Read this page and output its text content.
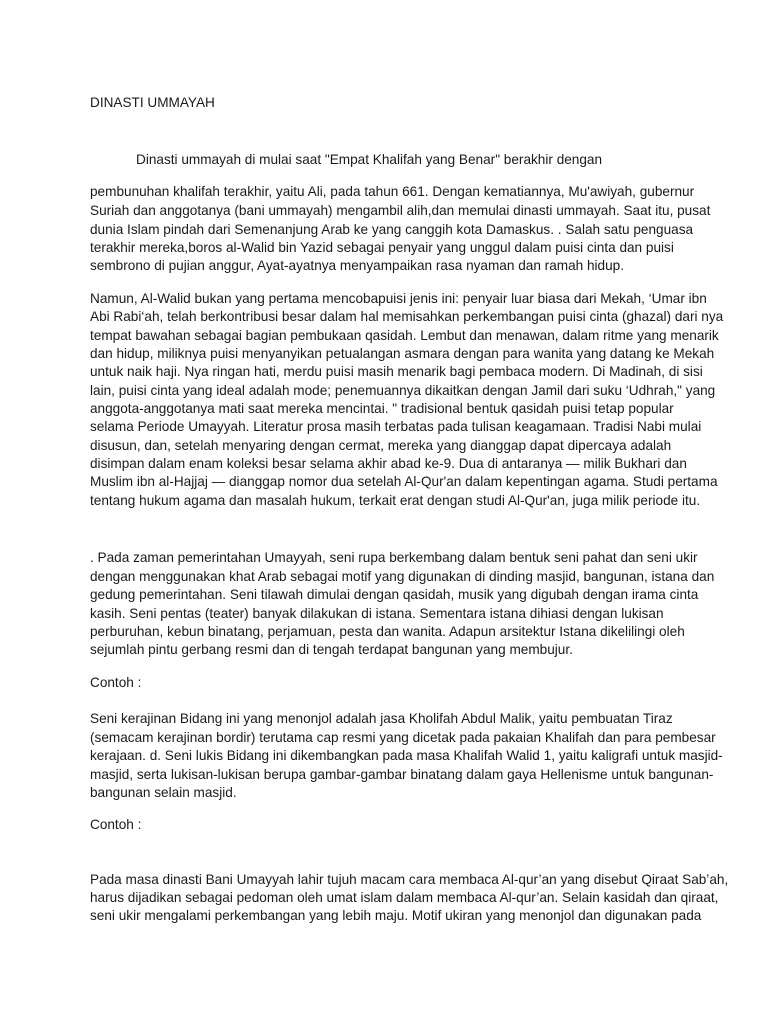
DINASTI UMMAYAH
Dinasti ummayah di mulai saat "Empat Khalifah yang Benar" berakhir dengan
pembunuhan khalifah terakhir, yaitu Ali, pada tahun 661. Dengan kematiannya, Mu'awiyah, gubernur
Suriah dan anggotanya (bani ummayah) mengambil alih,dan memulai dinasti ummayah. Saat itu, pusat
dunia Islam pindah dari Semenanjung Arab ke yang canggih kota Damaskus. . Salah satu penguasa
terakhir mereka,boros al-Walid bin Yazid sebagai penyair yang unggul dalam puisi cinta dan puisi
sembrono di pujian anggur, Ayat-ayatnya menyampaikan rasa nyaman dan ramah hidup.
Namun, Al-Walid bukan yang pertama mencobapuisi jenis ini: penyair luar biasa dari Mekah, ‘Umar ibn
Abi Rabi‘ah, telah berkontribusi besar dalam hal memisahkan perkembangan puisi cinta (ghazal) dari nya
tempat bawahan sebagai bagian pembukaan qasidah. Lembut dan menawan, dalam ritme yang menarik
dan hidup, miliknya puisi menyanyikan petualangan asmara dengan para wanita yang datang ke Mekah
untuk naik haji. Nya ringan hati, merdu puisi masih menarik bagi pembaca modern. Di Madinah, di sisi
lain, puisi cinta yang ideal adalah mode; penemuannya dikaitkan dengan Jamil dari suku ‘Udhrah," yang
anggota-anggotanya mati saat mereka mencintai. " tradisional bentuk qasidah puisi tetap popular
selama Periode Umayyah. Literatur prosa masih terbatas pada tulisan keagamaan. Tradisi Nabi mulai
disusun, dan, setelah menyaring dengan cermat, mereka yang dianggap dapat dipercaya adalah
disimpan dalam enam koleksi besar selama akhir abad ke-9. Dua di antaranya — milik Bukhari dan
Muslim ibn al-Hajjaj — dianggap nomor dua setelah Al-Qur'an dalam kepentingan agama. Studi pertama
tentang hukum agama dan masalah hukum, terkait erat dengan studi Al-Qur'an, juga milik periode itu.
. Pada zaman pemerintahan Umayyah, seni rupa berkembang dalam bentuk seni pahat dan seni ukir
dengan menggunakan khat Arab sebagai motif yang digunakan di dinding masjid, bangunan, istana dan
gedung pemerintahan. Seni tilawah dimulai dengan qasidah, musik yang digubah dengan irama cinta
kasih. Seni pentas (teater) banyak dilakukan di istana. Sementara istana dihiasi dengan lukisan
perburuhan, kebun binatang, perjamuan, pesta dan wanita. Adapun arsitektur Istana dikelilingi oleh
sejumlah pintu gerbang resmi dan di tengah terdapat bangunan yang membujur.
Contoh :
Seni kerajinan Bidang ini yang menonjol adalah jasa Kholifah Abdul Malik, yaitu pembuatan Tiraz
(semacam kerajinan bordir) terutama cap resmi yang dicetak pada pakaian Khalifah dan para pembesar
kerajaan. d. Seni lukis Bidang ini dikembangkan pada masa Khalifah Walid 1, yaitu kaligrafi untuk masjid-
masjid, serta lukisan-lukisan berupa gambar-gambar binatang dalam gaya Hellenisme untuk bangunan-
bangunan selain masjid.
Contoh :
Pada masa dinasti Bani Umayyah lahir tujuh macam cara membaca Al-qur’an yang disebut Qiraat Sab’ah,
harus dijadikan sebagai pedoman oleh umat islam dalam membaca Al-qur’an. Selain kasidah dan qiraat,
seni ukir mengalami perkembangan yang lebih maju. Motif ukiran yang menonjol dan digunakan pada
